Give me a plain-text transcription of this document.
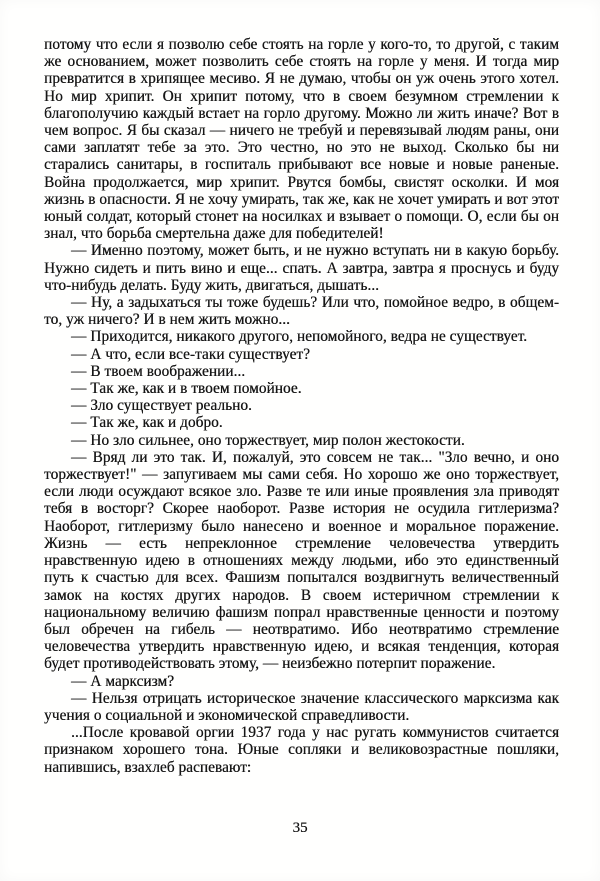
потому что если я позволю себе стоять на горле у кого-то, то другой, с таким же основанием, может позволить себе стоять на горле у меня. И тогда мир превратится в хрипящее месиво. Я не думаю, чтобы он уж очень этого хотел. Но мир хрипит. Он хрипит потому, что в своем безумном стремлении к благополучию каждый встает на горло другому. Можно ли жить иначе? Вот в чем вопрос. Я бы сказал — ничего не требуй и перевязывай людям раны, они сами заплатят тебе за это. Это честно, но это не выход. Сколько бы ни старались санитары, в госпиталь прибывают все новые и новые раненые. Война продолжается, мир хрипит. Рвутся бомбы, свистят осколки. И моя жизнь в опасности. Я не хочу умирать, так же, как не хочет умирать и вот этот юный солдат, который стонет на носилках и взывает о помощи. О, если бы он знал, что борьба смертельна даже для победителей!

— Именно поэтому, может быть, и не нужно вступать ни в какую борьбу. Нужно сидеть и пить вино и еще... спать. А завтра, завтра я проснусь и буду что-нибудь делать. Буду жить, двигаться, дышать...

— Ну, а задыхаться ты тоже будешь? Или что, помойное ведро, в общем-то, уж ничего? И в нем жить можно...

— Приходится, никакого другого, непомойного, ведра не существует.

— А что, если все-таки существует?

— В твоем воображении...

— Так же, как и в твоем помойное.

— Зло существует реально.

— Так же, как и добро.

— Но зло сильнее, оно торжествует, мир полон жестокости.

— Вряд ли это так. И, пожалуй, это совсем не так... "Зло вечно, и оно торжествует!" — запугиваем мы сами себя. Но хорошо же оно торжествует, если люди осуждают всякое зло. Разве те или иные проявления зла приводят тебя в восторг? Скорее наоборот. Разве история не осудила гитлеризма? Наоборот, гитлеризму было нанесено и военное и моральное поражение. Жизнь — есть непреклонное стремление человечества утвердить нравственную идею в отношениях между людьми, ибо это единственный путь к счастью для всех. Фашизм попытался воздвигнуть величественный замок на костях других народов. В своем истеричном стремлении к национальному величию фашизм попрал нравственные ценности и поэтому был обречен на гибель — неотвратимо. Ибо неотвратимо стремление человечества утвердить нравственную идею, и всякая тенденция, которая будет противодействовать этому, — неизбежно потерпит поражение.

— А марксизм?

— Нельзя отрицать историческое значение классического марксизма как учения о социальной и экономической справедливости.

...После кровавой оргии 1937 года у нас ругать коммунистов считается признаком хорошего тона. Юные сопляки и великовозрастные пошляки, напившись, взахлеб распевают:

35
